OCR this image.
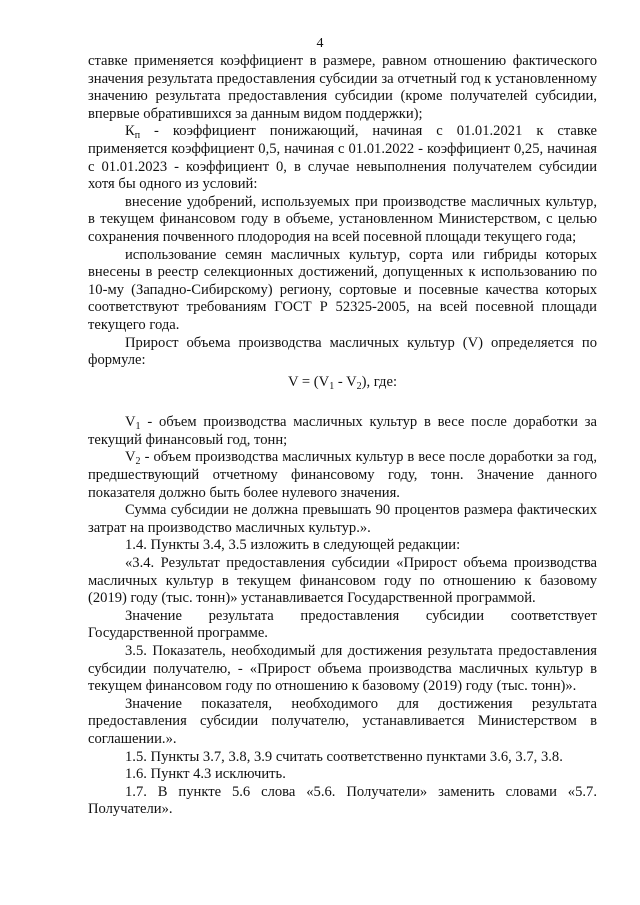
4

ставке применяется коэффициент в размере, равном отношению фактического значения результата предоставления субсидии за отчетный год к установленному значению результата предоставления субсидии (кроме получателей субсидии, впервые обратившихся за данным видом поддержки);

$К_п$ - коэффициент понижающий, начиная с 01.01.2021 к ставке применяется коэффициент 0,5, начиная с 01.01.2022 - коэффициент 0,25, начиная с 01.01.2023 - коэффициент 0, в случае невыполнения получателем субсидии хотя бы одного из условий:

внесение удобрений, используемых при производстве масличных культур, в текущем финансовом году в объеме, установленном Министерством, с целью сохранения почвенного плодородия на всей посевной площади текущего года;

использование семян масличных культур, сорта или гибриды которых внесены в реестр селекционных достижений, допущенных к использованию по 10-му (Западно-Сибирскому) региону, сортовые и посевные качества которых соответствуют требованиям ГОСТ Р 52325-2005, на всей посевной площади текущего года.

Прирост объема производства масличных культур (V) определяется по формуле:

$V = (V_1 - V_2)$, где:

$V_1$ - объем производства масличных культур в весе после доработки за текущий финансовый год, тонн;

$V_2$ - объем производства масличных культур в весе после доработки за год, предшествующий отчетному финансовому году, тонн. Значение данного показателя должно быть более нулевого значения.

Сумма субсидии не должна превышать 90 процентов размера фактических затрат на производство масличных культур.».

1.4. Пункты 3.4, 3.5 изложить в следующей редакции:

«3.4. Результат предоставления субсидии «Прирост объема производства масличных культур в текущем финансовом году по отношению к базовому (2019) году (тыс. тонн)» устанавливается Государственной программой.

Значение результата предоставления субсидии соответствует Государственной программе.

3.5. Показатель, необходимый для достижения результата предоставления субсидии получателю, - «Прирост объема производства масличных культур в текущем финансовом году по отношению к базовому (2019) году (тыс. тонн)».

Значение показателя, необходимого для достижения результата предоставления субсидии получателю, устанавливается Министерством в соглашении.».

1.5. Пункты 3.7, 3.8, 3.9 считать соответственно пунктами 3.6, 3.7, 3.8.

1.6. Пункт 4.3 исключить.

1.7. В пункте 5.6 слова «5.6. Получатели» заменить словами «5.7. Получатели».
